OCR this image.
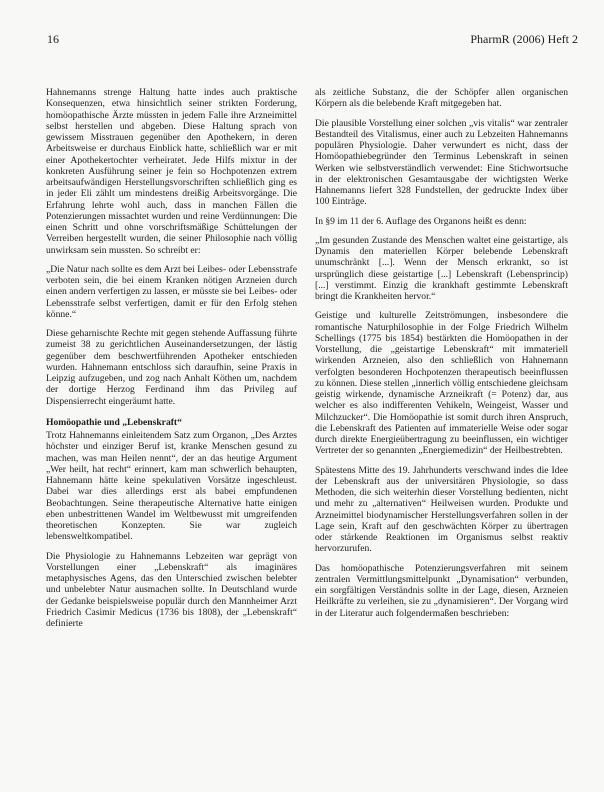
16	PharmR (2006) Heft 2

Hahnemanns strenge Haltung hatte indes auch praktische Konsequenzen, etwa hinsichtlich seiner strikten Forderung, homöopathische Ärzte müssten in jedem Falle ihre Arzneimittel selbst herstellen und abgeben. Diese Haltung sprach von gewissem Misstrauen gegenüber den Apothekern, in deren Arbeitsweise er durchaus Einblick hatte, schließlich war er mit einer Apothekertochter verheiratet. Jede Hilfs mixtur in der konkreten Ausführung seiner je fein so Hochpotenzen extrem arbeitsaufwändigen Herstellungsvorschriften schließlich ging es in jeder Eli zählt um mindestens dreißig Arbeitsvorgänge. Die Erfahrung lehrte wohl auch, dass in manchen Fällen die Potenzierungen missachtet wurden und reine Verdünnungen: Die einen Schritt und ohne vorschriftsmäßige Schüttelungen der Verreiben hergestellt wurden, die seiner Philosophie nach völlig unwirksam sein mussten. So schreibt er:

„Die Natur nach sollte es dem Arzt bei Leibes- oder Lebensstrafe verboten sein, die bei einem Kranken nötigen Arzneien durch einen andern verfertigen zu lassen, er müsste sie bei Leibes- oder Lebensstrafe selbst verfertigen, damit er für den Erfolg stehen könne.“

Diese geharnischte Rechte mit gegen stehende Auffassung führte zumeist 38 zu gerichtlichen Auseinandersetzungen, der lästig gegenüber dem beschwertführenden Apotheker entschieden wurden. Hahnemann entschloss sich daraufhin, seine Praxis in Leipzig aufzugeben, und zog nach Anhalt Köthen um, nachdem der dortige Herzog Ferdinand ihm das Privileg auf Dispensierrecht eingeräumt hatte.

Homöopathie und „Lebenskraft“

Trotz Hahnemanns einleitendem Satz zum Organon, „Des Arztes höchster und einziger Beruf ist, kranke Menschen gesund zu machen, was man Heilen nennt“, der an das heutige Argument „Wer heilt, hat recht“ erinnert, kam man schwerlich behaupten, Hahnemann hätte keine spekulativen Vorsätze ingeschleust. Dabei war dies allerdings erst als babei empfundenen Beobachtungen. Seine therapeutische Alternative hatte einigen eben unbestrittenen Wandel im Weltbewusst mit umgreifenden theoretischen Konzepten. Sie war zugleich lebensweltkompatibel.

Die Physiologie zu Hahnemanns Lebzeiten war geprägt von Vorstellungen einer „Lebenskraft“ als imaginäres metaphysisches Agens, das den Unterschied zwischen belebter und unbelebter Natur ausmachen sollte. In Deutschland wurde der Gedanke beispielsweise populär durch den Mannheimer Arzt Friedrich Casimir Medicus (1736 bis 1808), der „Lebenskraft“ definierte

als zeitliche Substanz, die der Schöpfer allen organischen Körpern als die belebende Kraft mitgegeben hat.

Die plausible Vorstellung einer solchen „vis vitalis“ war zentraler Bestandteil des Vitalismus, einer auch zu Lebzeiten Hahnemanns populären Physiologie. Daher verwundert es nicht, dass der Homöopathiebegründer den Terminus Lebenskraft in seinen Werken wie selbstverständlich verwendet: Eine Stichwortsuche in der elektronischen Gesamtausgabe der wichtigsten Werke Hahnemanns liefert 328 Fundstellen, der gedruckte Index über 100 Einträge.

In §9 im 11 der 6. Auflage des Organons heißt es denn:

„Im gesunden Zustande des Menschen waltet eine geistartige, als Dynamis den materiellen Körper belebende Lebenskraft unumschränkt [...]. Wenn der Mensch erkrankt, so ist ursprünglich diese geistartige [...] Lebenskraft (Lebensprincip) [...] verstimmt. Einzig die krankhaft gestimmte Lebenskraft bringt die Krankheiten hervor.“

Geistige und kulturelle Zeitströmungen, insbesondere die romantische Naturphilosophie in der Folge Friedrich Wilhelm Schellings (1775 bis 1854) bestärkten die Homöopathen in der Vorstellung, die „geistartige Lebenskraft“ mit immateriell wirkenden Arzneien, also den schließlich von Hahnemann verfolgten besonderen Hochpotenzen therapeutisch beeinflussen zu können. Diese stellen „innerlich völlig entschiedene gleichsam geistig wirkende, dynamische Arzneikraft (= Potenz) dar, aus welcher es also indifferenten Vehikeln, Weingeist, Wasser und Milchzucker“. Die Homöopathie ist somit durch ihren Anspruch, die Lebenskraft des Patienten auf immaterielle Weise oder sogar durch direkte Energieübertragung zu beeinflussen, ein wichtiger Vertreter der so genannten „Energiemedizin“ der Heilbestrebten.

Spätestens Mitte des 19. Jahrhunderts verschwand indes die Idee der Lebenskraft aus der universitären Physiologie, so dass Methoden, die sich weiterhin dieser Vorstellung bedienten, nicht und mehr zu „alternativen“ Heilweisen wurden. Produkte und Arzneimittel biodynamischer Herstellungsverfahren sollen in der Lage sein, Kraft auf den geschwächten Körper zu übertragen oder stärkende Reaktionen im Organismus selbst reaktiv hervorzurufen.

Das homöopathische Potenzierungsverfahren mit seinem zentralen Vermittlungsmittelpunkt „Dynamisation“ verbunden, ein sorgfältigen Verständnis sollte in der Lage, diesen, Arzneien Heilkräfte zu verleihen, sie zu „dynamisieren“. Der Vorgang wird in der Literatur auch folgendermaßen beschrieben:
